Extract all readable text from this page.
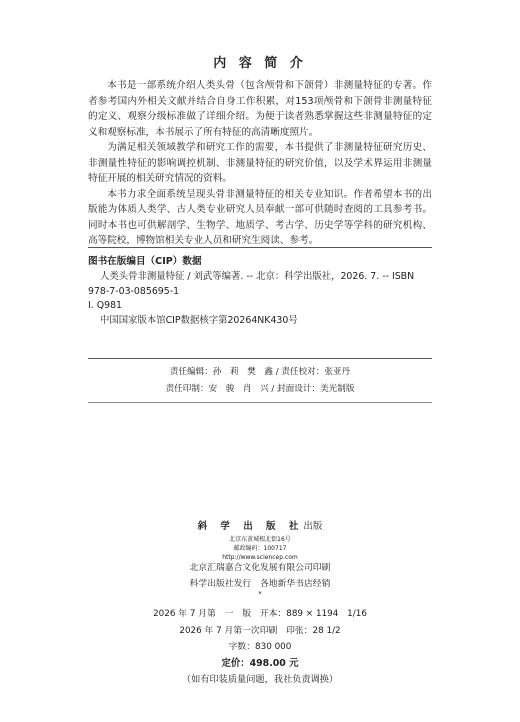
内 容 简 介

本书是一部系统介绍人类头骨（包含颅骨和下颌骨）非测量特征的专著。作者参考国内外相关文献并结合自身工作积累，对153项颅骨和下颌骨非测量特征的定义、观察分级标准做了详细介绍。为便于读者熟悉掌握这些非测量特征的定义和观察标准，本书展示了所有特征的高清晰度照片。

为满足相关领域教学和研究工作的需要，本书提供了非测量特征研究历史、非测量性特征的影响调控机制、非测量特征的研究价值，以及学术界运用非测量特征开展的相关研究情况的资料。

本书力求全面系统呈现头骨非测量特征的相关专业知识。作者希望本书的出版能为体质人类学、古人类专业研究人员奉献一部可供随时查阅的工具参考书。同时本书也可供解剖学、生物学、地质学、考古学、历史学等学科的研究机构、高等院校，博物馆相关专业人员和研究生阅读、参考。

图书在版编目（CIP）数据
人类头骨非测量特征 / 刘武等编著. -- 北京：科学出版社，2026. 7. -- ISBN
978-7-03-085695-1
Ⅰ. Q981
中国国家版本馆CIP数据核字第20264NK430号
责任编辑：孙　莉　樊　鑫 / 责任校对：张亚丹
责任印制：安　骏　肖　兴 / 封面设计：美光制版
斜 学 出 版 社出版
北京东黄城根北街16号
邮政编码：100717
http://www.sciencep.com
北京汇瑞嘉合文化发展有限公司印刷
科学出版社发行　各地新华书店经销
*
2026 年 7 月第　一　版　开本：889 × 1194　1/16
2026 年 7 月第一次印刷　印张：28 1/2
字数：830 000
定价：498.00 元
（如有印装质量问题，我社负责调换）
